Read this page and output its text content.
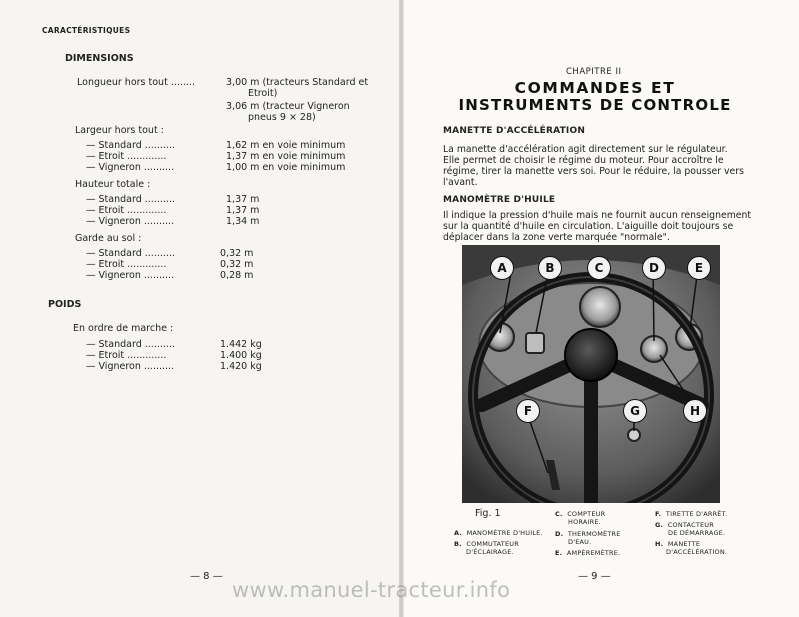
CARACTÉRISTIQUES
DIMENSIONS
Longueur hors tout ........	3,00 m (tracteurs Standard et
Etroit)
3,06 m (tracteur Vigneron
pneus 9 × 28)
Largeur hors tout :
— Standard ..........	1,62 m en voie minimum
— Etroit .............	1,37 m en voie minimum
— Vigneron ..........	1,00 m en voie minimum
Hauteur totale :
— Standard ..........	1,37 m
— Etroit .............	1,37 m
— Vigneron ..........	1,34 m
Garde au sol :
— Standard ..........	0,32 m
— Etroit .............	0,32 m
— Vigneron ..........	0,28 m
POIDS
En ordre de marche :
— Standard ..........	1.442 kg
— Etroit .............	1.400 kg
— Vigneron ..........	1.420 kg
— 8 —
CHAPITRE II
COMMANDES ET
INSTRUMENTS DE CONTROLE
MANETTE D'ACCÉLÉRATION
La manette d'accélération agit directement sur le régulateur.
Elle permet de choisir le régime du moteur. Pour accroître le
régime, tirer la manette vers soi. Pour le réduire, la pousser vers
l'avant.
MANOMÈTRE D'HUILE
Il indique la pression d'huile mais ne fournit aucun renseignement
sur la quantité d'huile en circulation. L'aiguille doit toujours se
déplacer dans la zone verte marquée "normale".
A	B	C	D	E
F	G	H
Fig. 1
A. MANOMÈTRE D'HUILE.
B. COMMUTATEUR
D'ÉCLAIRAGE.
C. COMPTEUR
HORAIRE.
D. THERMOMÈTRE
D'EAU.
E. AMPÈREMÈTRE.
F. TIRETTE D'ARRÊT.
G. CONTACTEUR
DE DÉMARRAGE.
H. MANETTE
D'ACCÉLÉRATION.
— 9 —
www.manuel-tracteur.info
